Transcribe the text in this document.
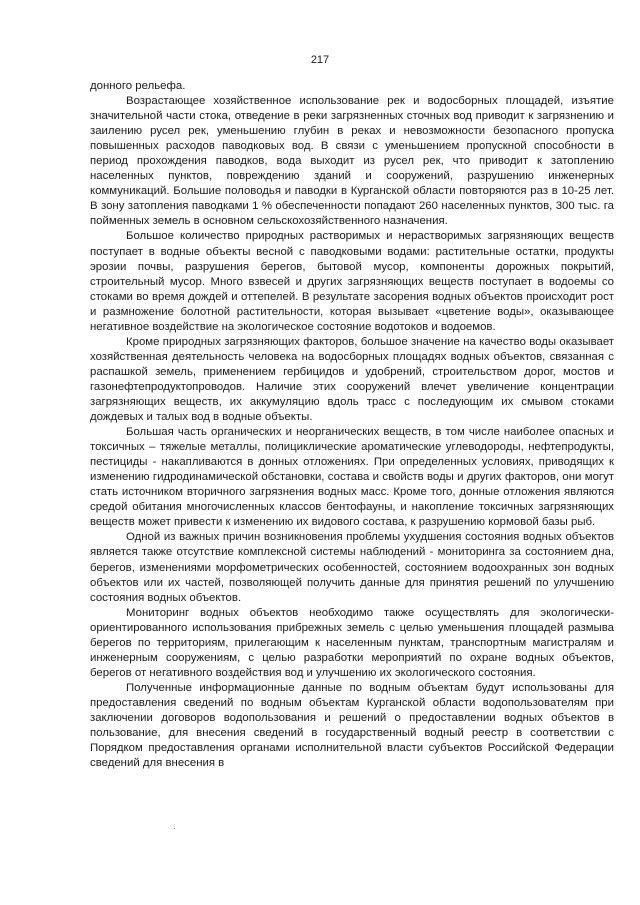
217

донного рельефа.

Возрастающее хозяйственное использование рек и водосборных площадей, изъятие значительной части стока, отведение в реки загрязненных сточных вод приводит к загрязнению и заилению русел рек, уменьшению глубин в реках и невозможности безопасного пропуска повышенных расходов паводковых вод. В связи с уменьшением пропускной способности в период прохождения паводков, вода выходит из русел рек, что приводит к затоплению населенных пунктов, повреждению зданий и сооружений, разрушению инженерных коммуникаций. Большие половодья и паводки в Курганской области повторяются раз в 10-25 лет. В зону затопления паводками 1 % обеспеченности попадают 260 населенных пунктов, 300 тыс. га пойменных земель в основном сельскохозяйственного назначения.

Большое количество природных растворимых и нерастворимых загрязняющих веществ поступает в водные объекты весной с паводковыми водами: растительные остатки, продукты эрозии почвы, разрушения берегов, бытовой мусор, компоненты дорожных покрытий, строительный мусор. Много взвесей и других загрязняющих веществ поступает в водоемы со стоками во время дождей и оттепелей. В результате засорения водных объектов происходит рост и размножение болотной растительности, которая вызывает «цветение воды», оказывающее негативное воздействие на экологическое состояние водотоков и водоемов.

Кроме природных загрязняющих факторов, большое значение на качество воды оказывает хозяйственная деятельность человека на водосборных площадях водных объектов, связанная с распашкой земель, применением гербицидов и удобрений, строительством дорог, мостов и газонефтепродуктопроводов. Наличие этих сооружений влечет увеличение концентрации загрязняющих веществ, их аккумуляцию вдоль трасс с последующим их смывом стоками дождевых и талых вод в водные объекты.

Большая часть органических и неорганических веществ, в том числе наиболее опасных и токсичных – тяжелые металлы, полициклические ароматические углеводороды, нефтепродукты, пестициды - накапливаются в донных отложениях. При определенных условиях, приводящих к изменению гидродинамической обстановки, состава и свойств воды и других факторов, они могут стать источником вторичного загрязнения водных масс. Кроме того, донные отложения являются средой обитания многочисленных классов бентофауны, и накопление токсичных загрязняющих веществ может привести к изменению их видового состава, к разрушению кормовой базы рыб.

Одной из важных причин возникновения проблемы ухудшения состояния водных объектов является также отсутствие комплексной системы наблюдений - мониторинга за состоянием дна, берегов, изменениями морфометрических особенностей, состоянием водоохранных зон водных объектов или их частей, позволяющей получить данные для принятия решений по улучшению состояния водных объектов.

Мониторинг водных объектов необходимо также осуществлять для экологически-ориентированного использования прибрежных земель с целью уменьшения площадей размыва берегов по территориям, прилегающим к населенным пунктам, транспортным магистралям и инженерным сооружениям, с целью разработки мероприятий по охране водных объектов, берегов от негативного воздействия вод и улучшению их экологического состояния.

Полученные информационные данные по водным объектам будут использованы для предоставления сведений по водным объектам Курганской области водопользователям при заключении договоров водопользования и решений о предоставлении водных объектов в пользование, для внесения сведений в государственный водный реестр в соответствии с Порядком предоставления органами исполнительной власти субъектов Российской Федерации сведений для внесения в
